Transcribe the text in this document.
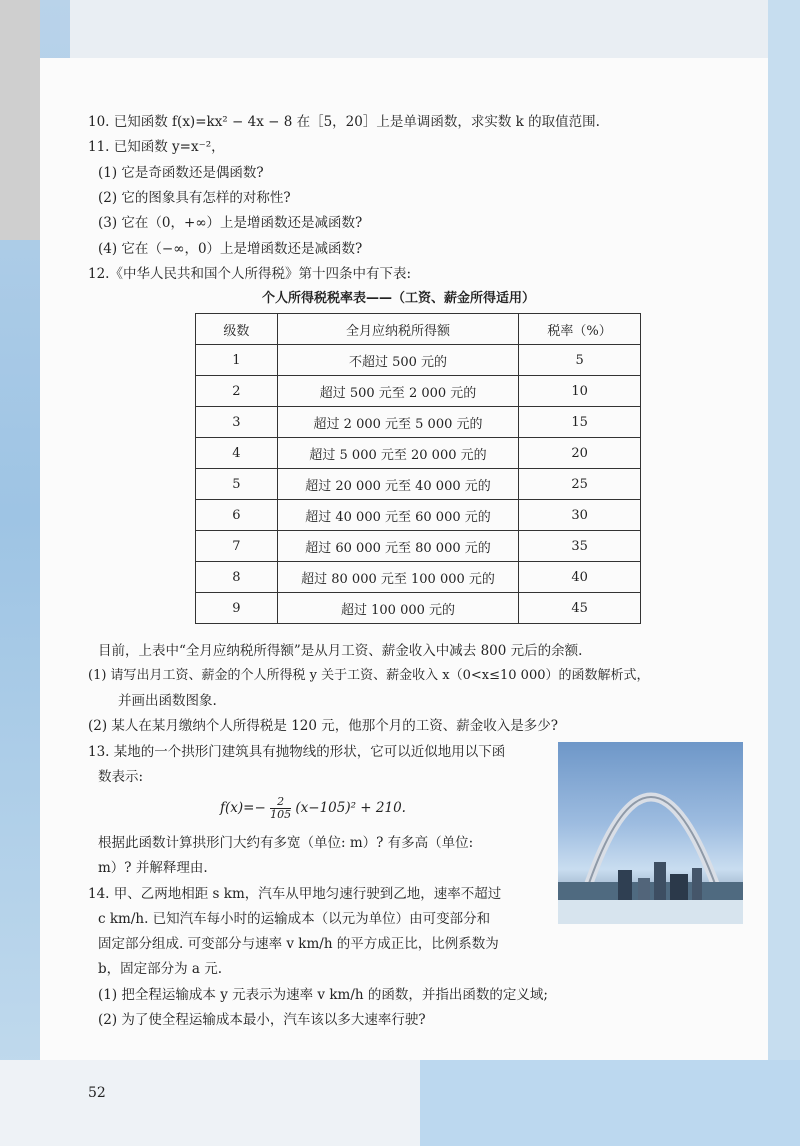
10. 已知函数 f(x)=kx² − 4x − 8 在［5，20］上是单调函数，求实数 k 的取值范围.
11. 已知函数 y=x⁻²，
(1) 它是奇函数还是偶函数?
(2) 它的图象具有怎样的对称性?
(3) 它在（0，+∞）上是增函数还是减函数?
(4) 它在（−∞，0）上是增函数还是减函数?
12.《中华人民共和国个人所得税》第十四条中有下表:
个人所得税税率表——（工资、薪金所得适用）
级数	全月应纳税所得额	税率（%）
1	不超过 500 元的	5
2	超过 500 元至 2 000 元的	10
3	超过 2 000 元至 5 000 元的	15
4	超过 5 000 元至 20 000 元的	20
5	超过 20 000 元至 40 000 元的	25
6	超过 40 000 元至 60 000 元的	30
7	超过 60 000 元至 80 000 元的	35
8	超过 80 000 元至 100 000 元的	40
9	超过 100 000 元的	45
目前，上表中“全月应纳税所得额”是从月工资、薪金收入中减去 800 元后的余额.
(1) 请写出月工资、薪金的个人所得税 y 关于工资、薪金收入 x（0<x≤10 000）的函数解析式，
并画出函数图象.
(2) 某人在某月缴纳个人所得税是 120 元，他那个月的工资、薪金收入是多少?
13. 某地的一个拱形门建筑具有抛物线的形状，它可以近似地用以下函
数表示:
$f(x)=- \frac{2}{105} (x-105)^2 + 210$.
根据此函数计算拱形门大约有多宽（单位: m）? 有多高（单位:
m）? 并解释理由.
14. 甲、乙两地相距 s km，汽车从甲地匀速行驶到乙地，速率不超过
c km/h. 已知汽车每小时的运输成本（以元为单位）由可变部分和
固定部分组成. 可变部分与速率 v km/h 的平方成正比，比例系数为
b，固定部分为 a 元.
(1) 把全程运输成本 y 元表示为速率 v km/h 的函数，并指出函数的定义域;
(2) 为了使全程运输成本最小，汽车该以多大速率行驶?
52
